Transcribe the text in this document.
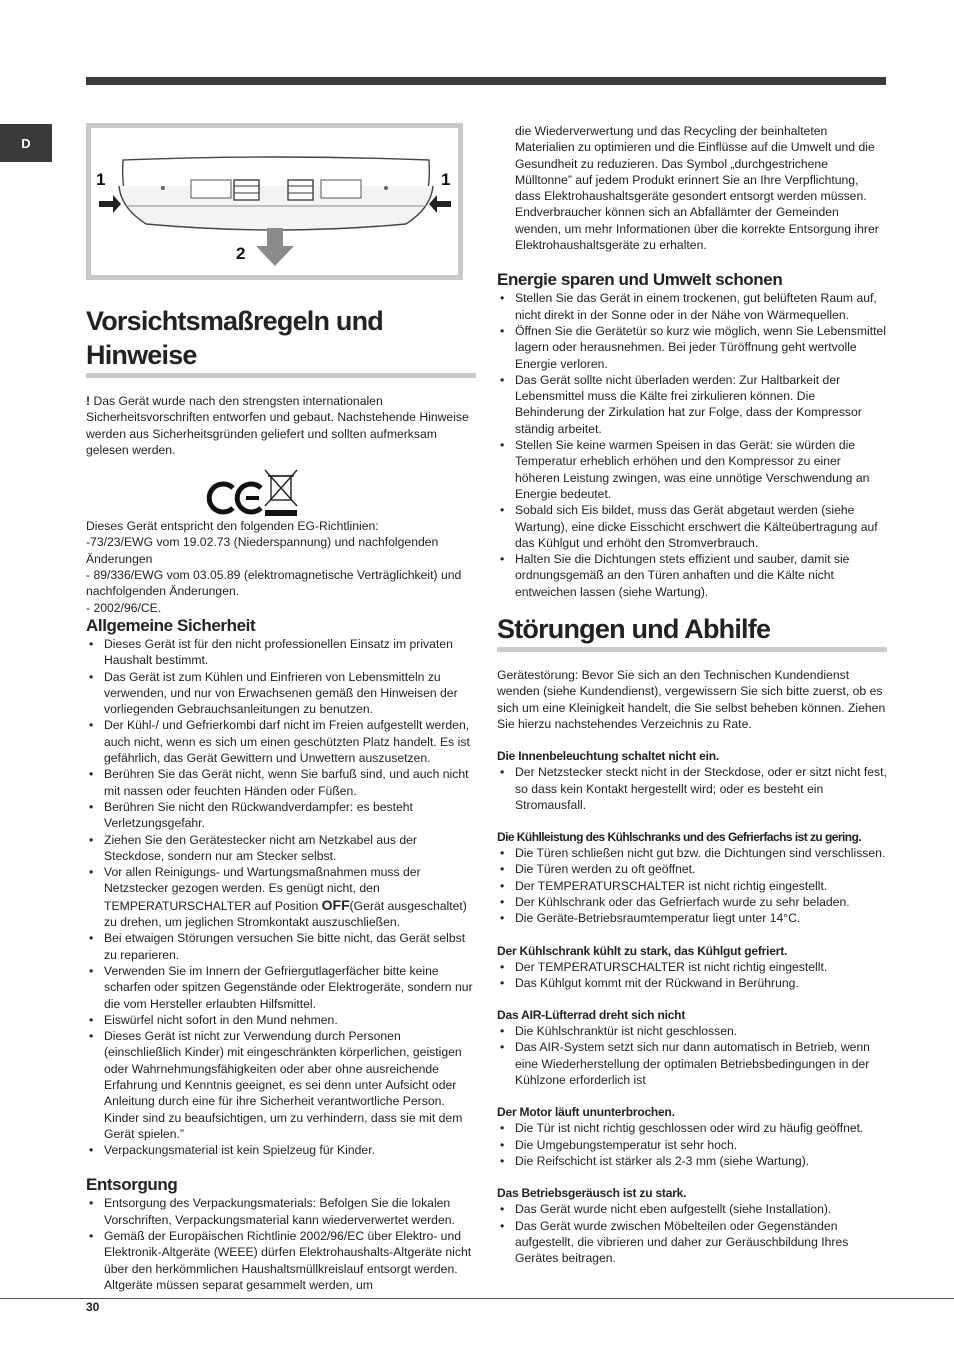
D
1	1
2
Vorsichtsmaßregeln und Hinweise

! Das Gerät wurde nach den strengsten internationalen Sicherheitsvorschriften entworfen und gebaut. Nachstehende Hinweise werden aus Sicherheitsgründen geliefert und sollten aufmerksam gelesen werden.

Dieses Gerät entspricht den folgenden EG-Richtlinien:

-73/23/EWG vom 19.02.73 (Niederspannung) und nachfolgenden Änderungen

- 89/336/EWG vom 03.05.89 (elektromagnetische Verträglichkeit) und nachfolgenden Änderungen.

- 2002/96/CE.

Allgemeine Sicherheit
• Dieses Gerät ist für den nicht professionellen Einsatz im privaten Haushalt bestimmt.
• Das Gerät ist zum Kühlen und Einfrieren von Lebensmitteln zu verwenden, und nur von Erwachsenen gemäß den Hinweisen der vorliegenden Gebrauchsanleitungen zu benutzen.
• Der Kühl-/ und Gefrierkombi darf nicht im Freien aufgestellt werden, auch nicht, wenn es sich um einen geschützten Platz handelt. Es ist gefährlich, das Gerät Gewittern und Unwettern auszusetzen.
• Berühren Sie das Gerät nicht, wenn Sie barfuß sind, und auch nicht mit nassen oder feuchten Händen oder Füßen.
• Berühren Sie nicht den Rückwandverdampfer: es besteht Verletzungsgefahr.
• Ziehen Sie den Gerätestecker nicht am Netzkabel aus der Steckdose, sondern nur am Stecker selbst.
• Vor allen Reinigungs- und Wartungsmaßnahmen muss der Netzstecker gezogen werden. Es genügt nicht, den TEMPERATURSCHALTER auf Position OFF(Gerät ausgeschaltet) zu drehen, um jeglichen Stromkontakt auszuschließen.
• Bei etwaigen Störungen versuchen Sie bitte nicht, das Gerät selbst zu reparieren.
• Verwenden Sie im Innern der Gefriergutlagerfächer bitte keine scharfen oder spitzen Gegenstände oder Elektrogeräte, sondern nur die vom Hersteller erlaubten Hilfsmittel.
• Eiswürfel nicht sofort in den Mund nehmen.
• Dieses Gerät ist nicht zur Verwendung durch Personen (einschließlich Kinder) mit eingeschränkten körperlichen, geistigen oder Wahrnehmungsfähigkeiten oder aber ohne ausreichende Erfahrung und Kenntnis geeignet, es sei denn unter Aufsicht oder Anleitung durch eine für ihre Sicherheit verantwortliche Person. Kinder sind zu beaufsichtigen, um zu verhindern, dass sie mit dem Gerät spielen.”
• Verpackungsmaterial ist kein Spielzeug für Kinder.
Entsorgung
• Entsorgung des Verpackungsmaterials: Befolgen Sie die lokalen Vorschriften, Verpackungsmaterial kann wiederverwertet werden.
• Gemäß der Europäischen Richtlinie 2002/96/EC über Elektro- und Elektronik-Altgeräte (WEEE) dürfen Elektrohaushalts-Altgeräte nicht über den herkömmlichen Haushaltsmüllkreislauf entsorgt werden. Altgeräte müssen separat gesammelt werden, um

die Wiederverwertung und das Recycling der beinhalteten Materialien zu optimieren und die Einflüsse auf die Umwelt und die Gesundheit zu reduzieren. Das Symbol „durchgestrichene Mülltonne” auf jedem Produkt erinnert Sie an Ihre Verpflichtung, dass Elektrohaushaltsgeräte gesondert entsorgt werden müssen. Endverbraucher können sich an Abfallämter der Gemeinden wenden, um mehr Informationen über die korrekte Entsorgung ihrer Elektrohaushaltsgeräte zu erhalten.

Energie sparen und Umwelt schonen
• Stellen Sie das Gerät in einem trockenen, gut belüfteten Raum auf, nicht direkt in der Sonne oder in der Nähe von Wärmequellen.
• Öffnen Sie die Gerätetür so kurz wie möglich, wenn Sie Lebensmittel lagern oder herausnehmen. Bei jeder Türöffnung geht wertvolle Energie verloren.
• Das Gerät sollte nicht überladen werden: Zur Haltbarkeit der Lebensmittel muss die Kälte frei zirkulieren können. Die Behinderung der Zirkulation hat zur Folge, dass der Kompressor ständig arbeitet.
• Stellen Sie keine warmen Speisen in das Gerät: sie würden die Temperatur erheblich erhöhen und den Kompressor zu einer höheren Leistung zwingen, was eine unnötige Verschwendung an Energie bedeutet.
• Sobald sich Eis bildet, muss das Gerät abgetaut werden (siehe Wartung), eine dicke Eisschicht erschwert die Kälteübertragung auf das Kühlgut und erhöht den Stromverbrauch.
• Halten Sie die Dichtungen stets effizient und sauber, damit sie ordnungsgemäß an den Türen anhaften und die Kälte nicht entweichen lassen (siehe Wartung).
Störungen und Abhilfe

Gerätestörung: Bevor Sie sich an den Technischen Kundendienst wenden (siehe Kundendienst), vergewissern Sie sich bitte zuerst, ob es sich um eine Kleinigkeit handelt, die Sie selbst beheben können. Ziehen Sie hierzu nachstehendes Verzeichnis zu Rate.

Die Innenbeleuchtung schaltet nicht ein.
• Der Netzstecker steckt nicht in der Steckdose, oder er sitzt nicht fest, so dass kein Kontakt hergestellt wird; oder es besteht ein Stromausfall.
Die Kühlleistung des Kühlschranks und des Gefrierfachs ist zu gering.
• Die Türen schließen nicht gut bzw. die Dichtungen sind verschlissen.
• Die Türen werden zu oft geöffnet.
• Der TEMPERATURSCHALTER ist nicht richtig eingestellt.
• Der Kühlschrank oder das Gefrierfach wurde zu sehr beladen.
• Die Geräte-Betriebsraumtemperatur liegt unter 14°C.
Der Kühlschrank kühlt zu stark, das Kühlgut gefriert.
• Der TEMPERATURSCHALTER ist nicht richtig eingestellt.
• Das Kühlgut kommt mit der Rückwand in Berührung.
Das AIR-Lüfterrad dreht sich nicht
• Die Kühlschranktür ist nicht geschlossen.
• Das AIR-System setzt sich nur dann automatisch in Betrieb, wenn eine Wiederherstellung der optimalen Betriebsbedingungen in der Kühlzone erforderlich ist
Der Motor läuft ununterbrochen.
• Die Tür ist nicht richtig geschlossen oder wird zu häufig geöffnet.
• Die Umgebungstemperatur ist sehr hoch.
• Die Reifschicht ist stärker als 2-3 mm (siehe Wartung).
Das Betriebsgeräusch ist zu stark.
• Das Gerät wurde nicht eben aufgestellt (siehe Installation).
• Das Gerät wurde zwischen Möbelteilen oder Gegenständen aufgestellt, die vibrieren und daher zur Geräuschbildung Ihres Gerätes beitragen.
30
